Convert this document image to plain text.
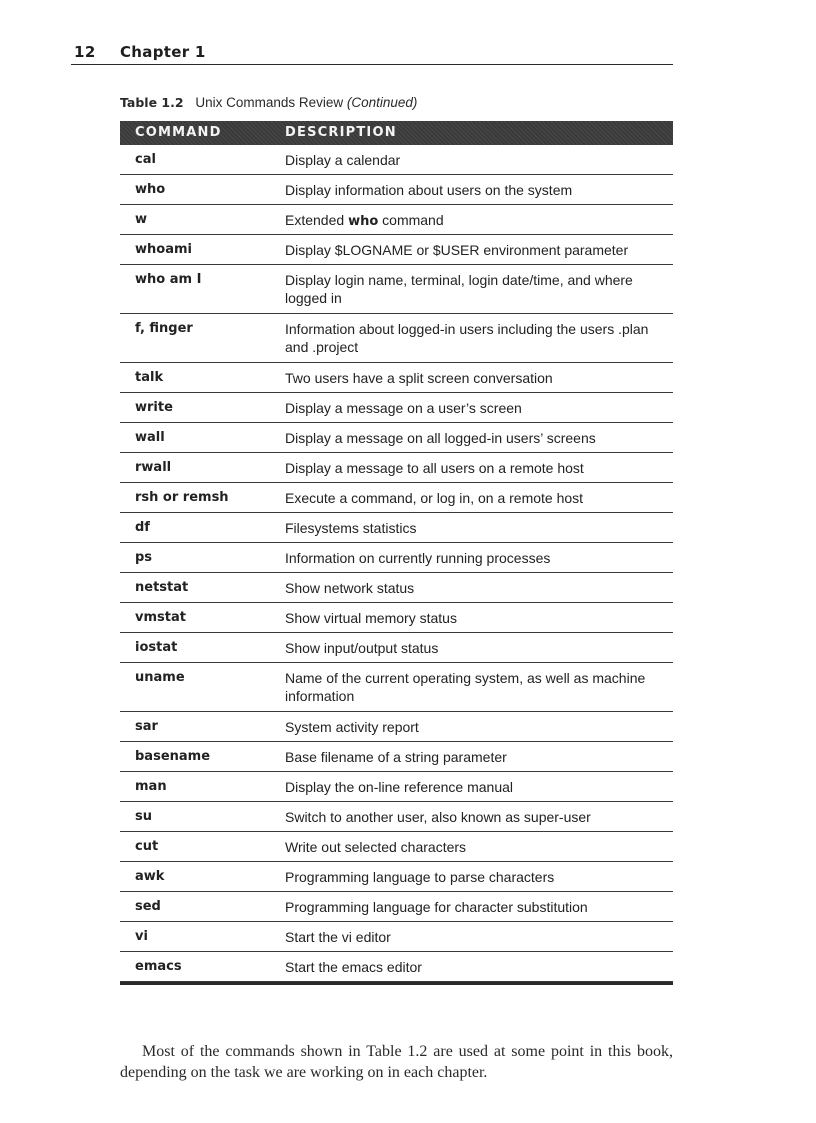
12 Chapter 1
Table 1.2 Unix Commands Review (Continued)
COMMAND	DESCRIPTION
cal	Display a calendar
who	Display information about users on the system
w	Extended who command
whoami	Display $LOGNAME or $USER environment parameter
who am I	Display login name, terminal, login date/time, and where logged in
f, finger	Information about logged-in users including the users .plan and .project
talk	Two users have a split screen conversation
write	Display a message on a user’s screen
wall	Display a message on all logged-in users’ screens
rwall	Display a message to all users on a remote host
rsh or remsh	Execute a command, or log in, on a remote host
df	Filesystems statistics
ps	Information on currently running processes
netstat	Show network status
vmstat	Show virtual memory status
iostat	Show input/output status
uname	Name of the current operating system, as well as machine information
sar	System activity report
basename	Base filename of a string parameter
man	Display the on-line reference manual
su	Switch to another user, also known as super-user
cut	Write out selected characters
awk	Programming language to parse characters
sed	Programming language for character substitution
vi	Start the vi editor
emacs	Start the emacs editor

Most of the commands shown in Table 1.2 are used at some point in this book, depending on the task we are working on in each chapter.
